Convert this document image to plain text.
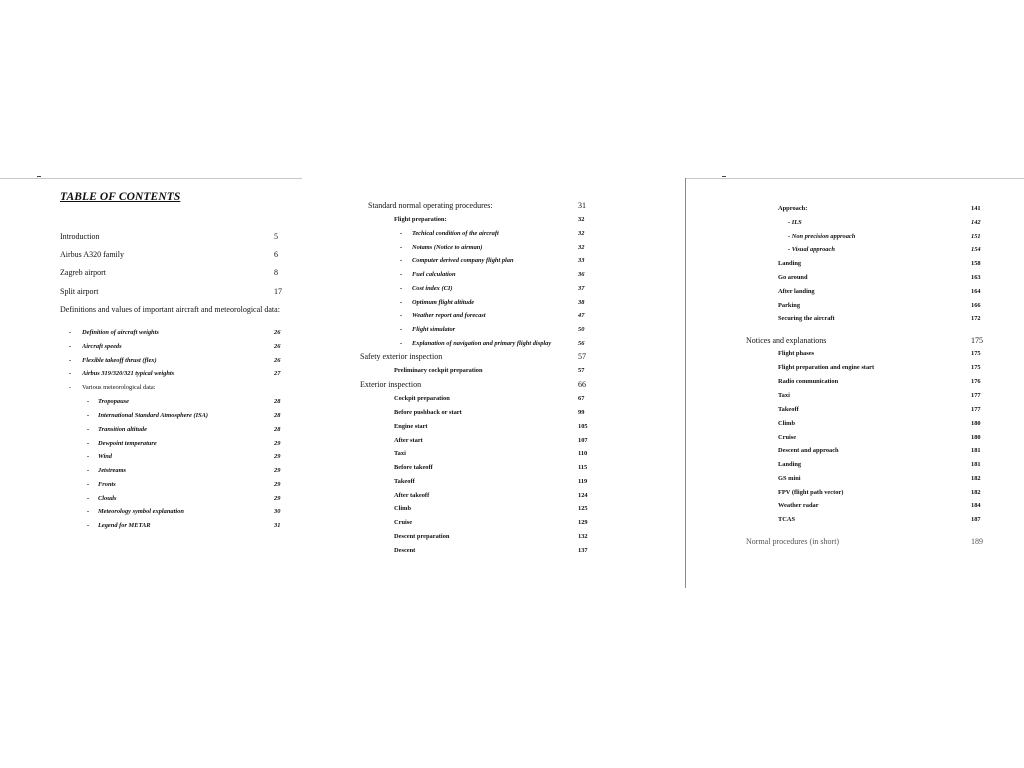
TABLE OF CONTENTS
Introduction	5
Airbus A320 family	6
Zagreb airport	8
Split airport	17
Definitions and values of important aircraft and meteorological data:
- Definition of aircraft weights	26
- Aircraft speeds	26
- Flexible takeoff thrust (flex)	26
- Airbus 319/320/321 typical weights	27
- Various meteorological data:
- Tropopause	28
- International Standard Atmosphere (ISA)	28
- Transition altitude	28
- Dewpoint temperature	29
- Wind	29
- Jetstreams	29
- Fronts	29
- Clouds	29
- Meteorology symbol explanation	30
- Legend for METAR	31
Standard normal operating procedures:	31
Flight preparation:	32
- Techical condition of the aircraft	32
- Notams (Notice to airman)	32
- Computer derived company flight plan	33
- Fuel calculation	36
- Cost index (CI)	37
- Optimum flight altitude	38
- Weather report and forecast	47
- Flight simulator	50
- Explanation of navigation and primary flight display	56
Safety exterior inspection	57
Preliminary cockpit preparation	57
Exterior inspection	66
Cockpit preparation	67
Before pushback or start	99
Engine start	105
After start	107
Taxi	110
Before takeoff	115
Takeoff	119
After takeoff	124
Climb	125
Cruise	129
Descent preparation	132
Descent	137
Approach:	141
- ILS	142
- Non precision approach	151
- Visual approach	154
Landing	158
Go around	163
After landing	164
Parking	166
Securing the aircraft	172
Notices and explanations	175
Flight phases	175
Flight preparation and engine start	175
Radio communication	176
Taxi	177
Takeoff	177
Climb	180
Cruise	180
Descent and approach	181
Landing	181
GS mini	182
FPV (flight path vector)	182
Weather radar	184
TCAS	187
Normal procedures (in short)	189
